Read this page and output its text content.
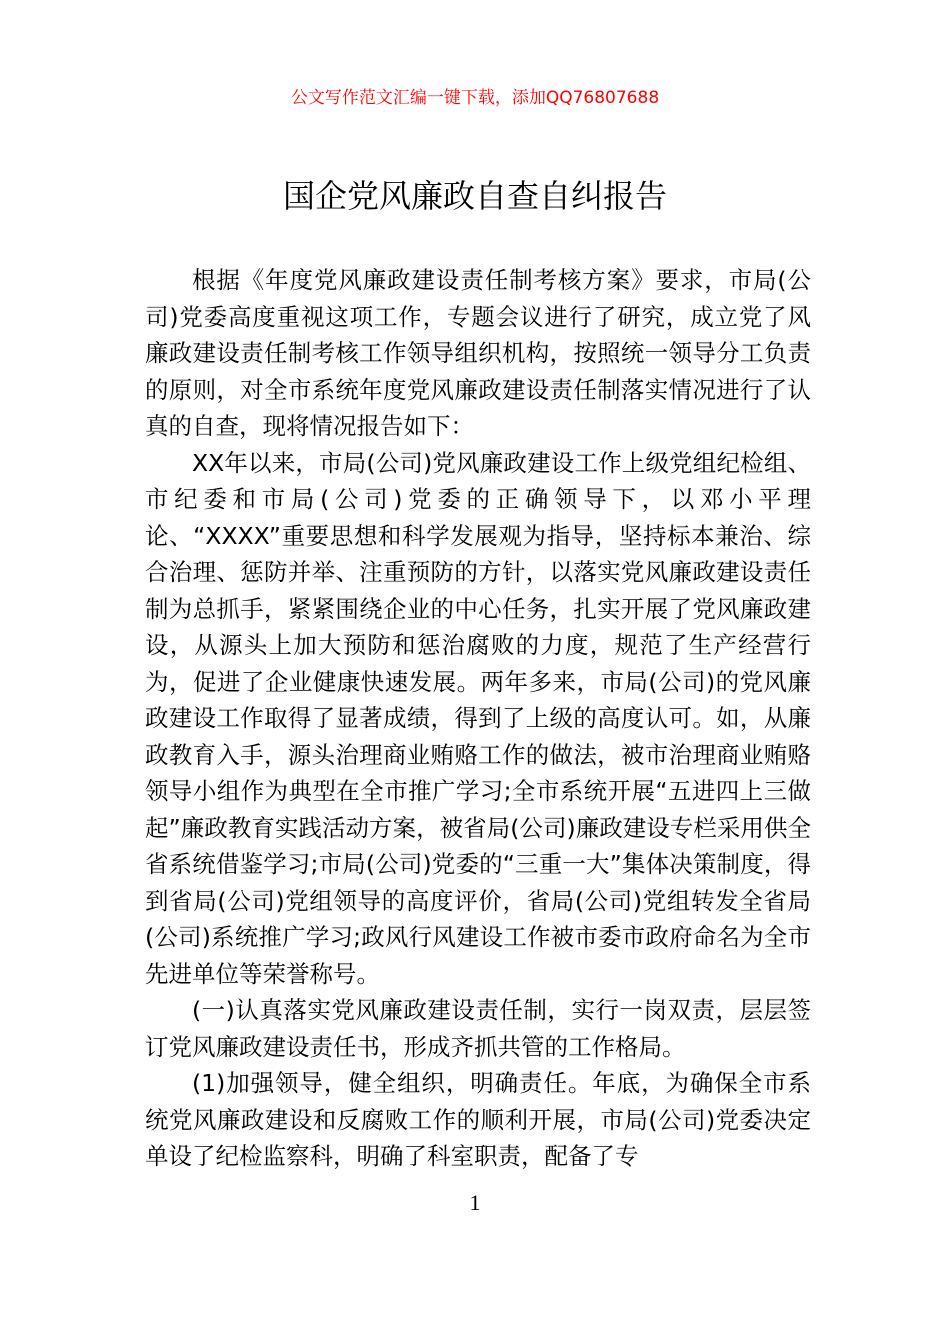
公文写作范文汇编一键下载，添加QQ76807688
国企党风廉政自查自纠报告

根据《年度党风廉政建设责任制考核方案》要求，市局(公司)党委高度重视这项工作，专题会议进行了研究，成立党了风廉政建设责任制考核工作领导组织机构，按照统一领导分工负责的原则，对全市系统年度党风廉政建设责任制落实情况进行了认真的自查，现将情况报告如下：

XX年以来，市局(公司)党风廉政建设工作上级党组纪检组、市纪委和市局(公司)党委的正确领导下，以邓小平理论、“XXXX”重要思想和科学发展观为指导，坚持标本兼治、综合治理、惩防并举、注重预防的方针，以落实党风廉政建设责任制为总抓手，紧紧围绕企业的中心任务，扎实开展了党风廉政建设，从源头上加大预防和惩治腐败的力度，规范了生产经营行为，促进了企业健康快速发展。两年多来，市局(公司)的党风廉政建设工作取得了显著成绩，得到了上级的高度认可。如，从廉政教育入手，源头治理商业贿赂工作的做法，被市治理商业贿赂领导小组作为典型在全市推广学习;全市系统开展“五进四上三做起”廉政教育实践活动方案，被省局(公司)廉政建设专栏采用供全省系统借鉴学习;市局(公司)党委的“三重一大”集体决策制度，得到省局(公司)党组领导的高度评价，省局(公司)党组转发全省局(公司)系统推广学习;政风行风建设工作被市委市政府命名为全市先进单位等荣誉称号。

(一)认真落实党风廉政建设责任制，实行一岗双责，层层签订党风廉政建设责任书，形成齐抓共管的工作格局。

(1)加强领导，健全组织，明确责任。年底，为确保全市系统党风廉政建设和反腐败工作的顺利开展，市局(公司)党委决定单设了纪检监察科，明确了科室职责，配备了专

1
